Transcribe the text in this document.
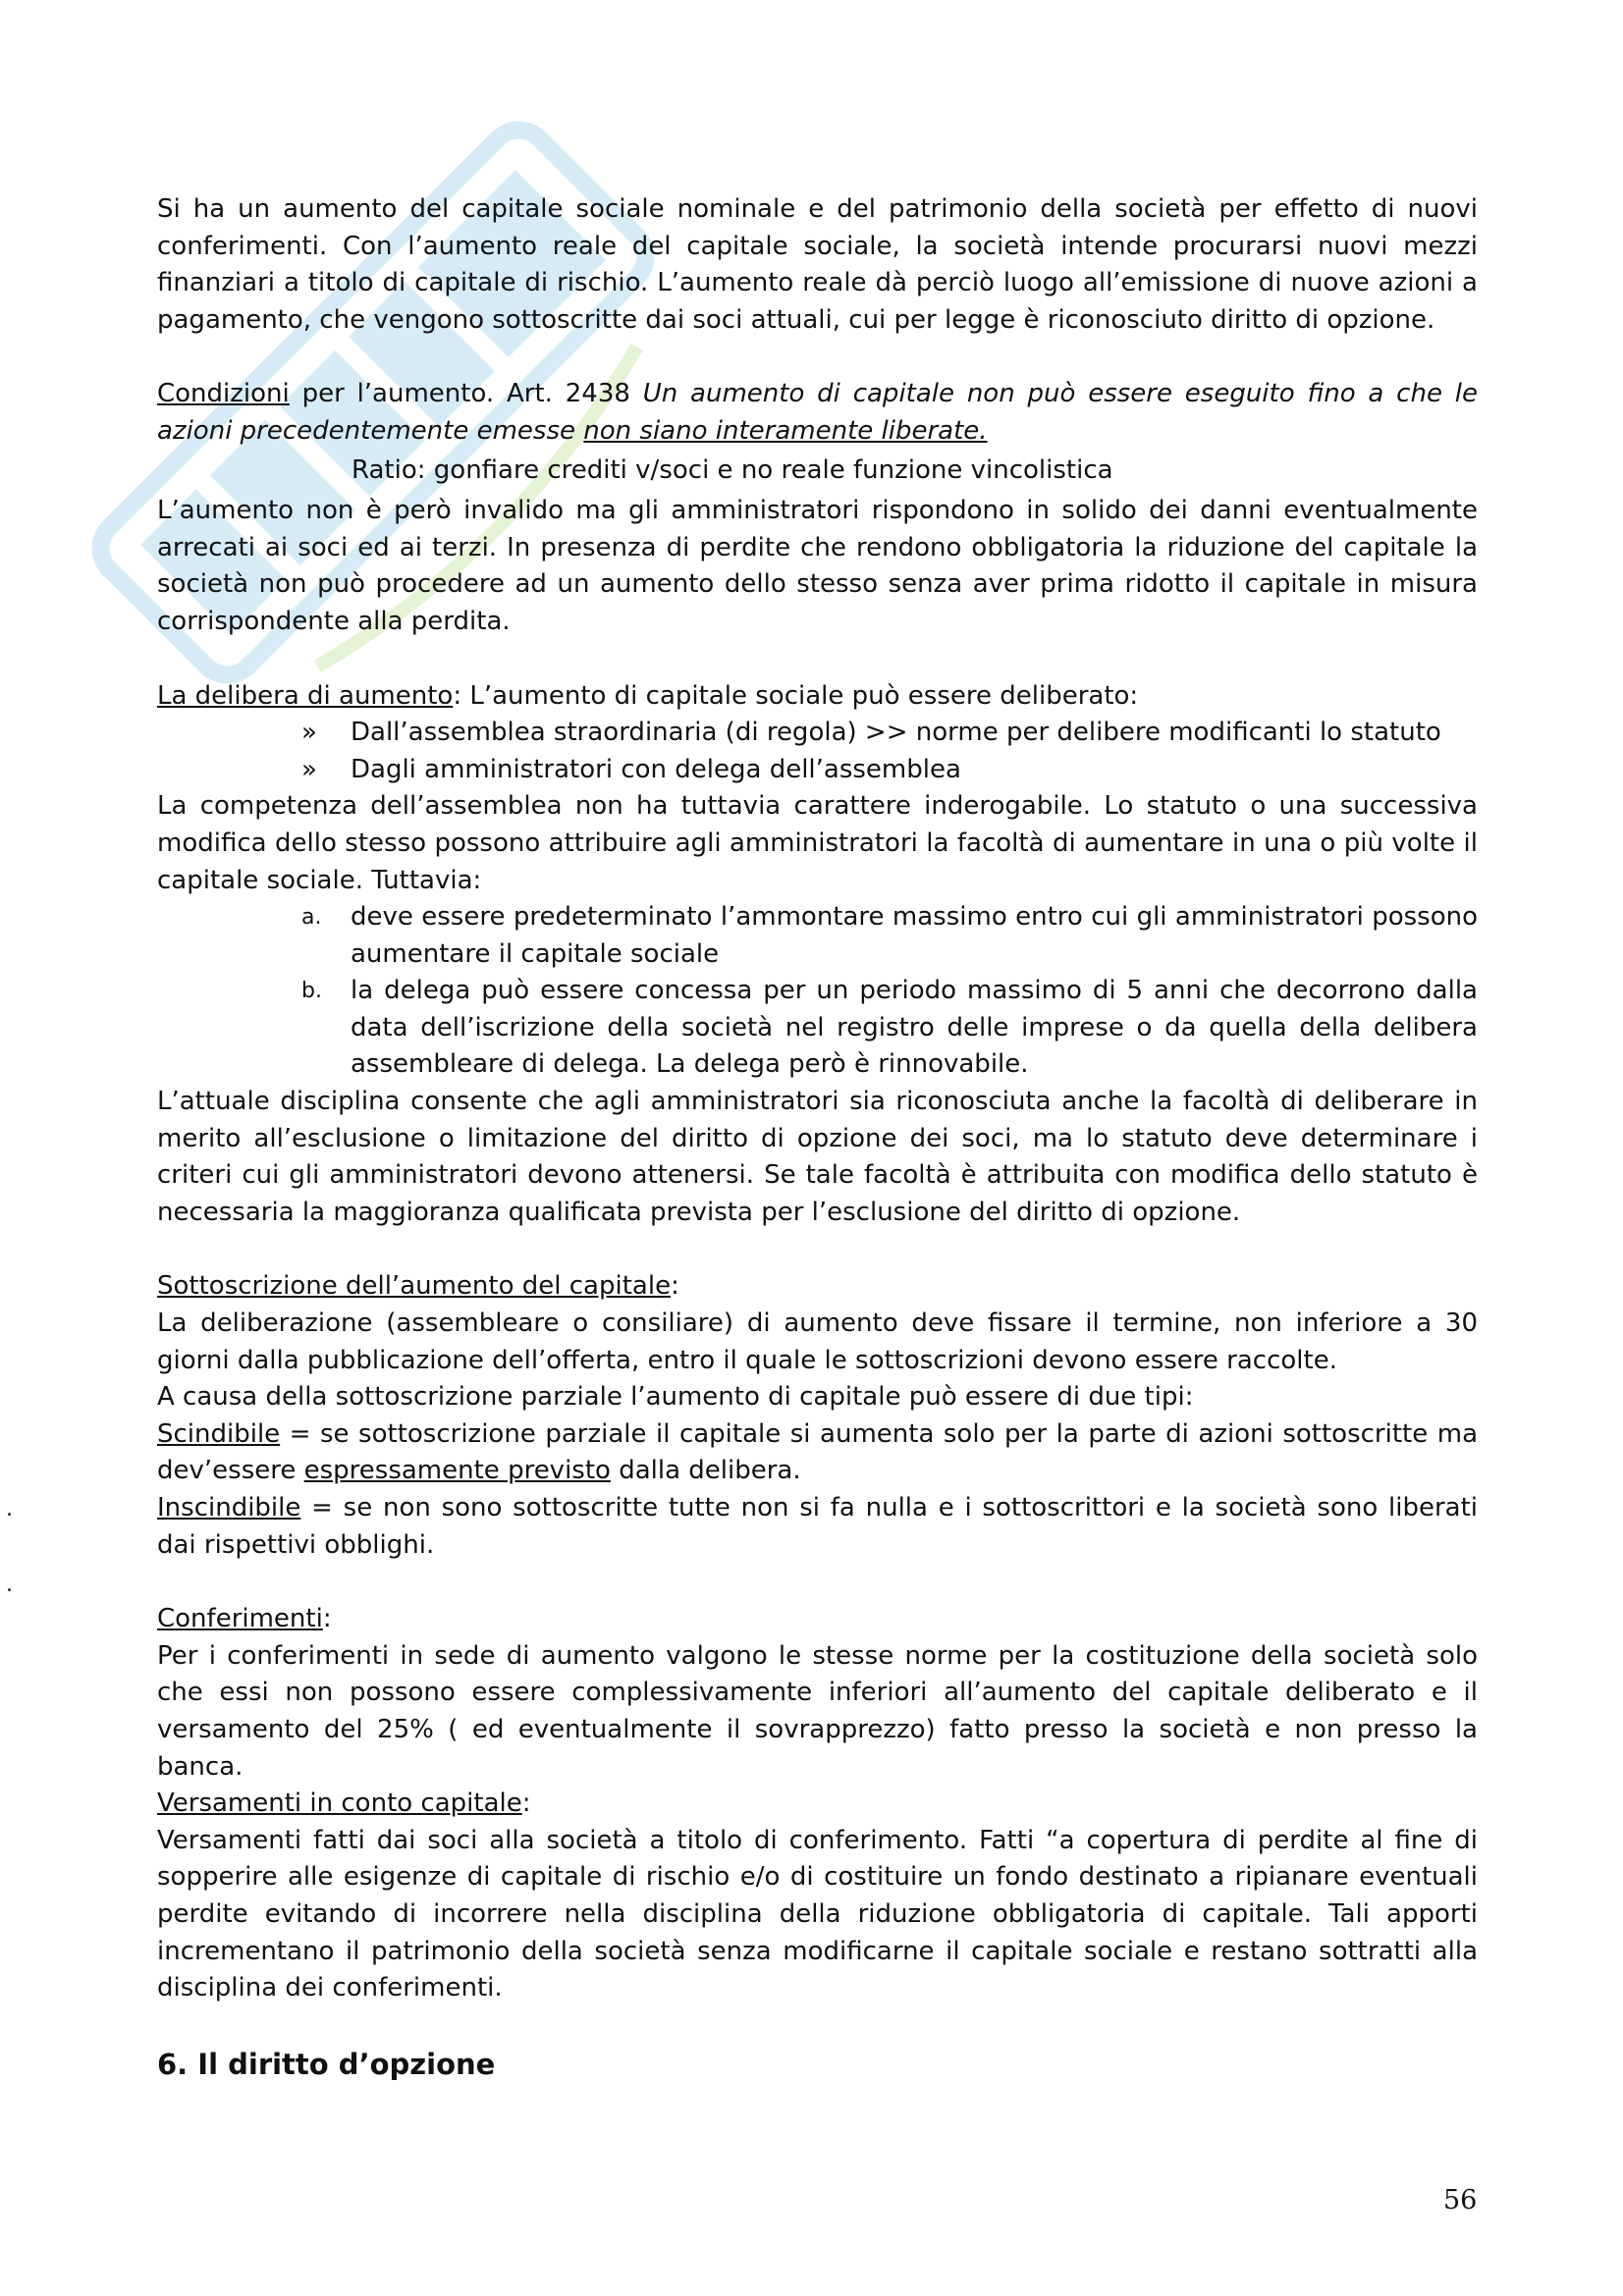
.
.

Si ha un aumento del capitale sociale nominale e del patrimonio della società per effetto di nuovi conferimenti. Con l’aumento reale del capitale sociale, la società intende procurarsi nuovi mezzi finanziari a titolo di capitale di rischio. L’aumento reale dà perciò luogo all’emissione di nuove azioni a pagamento, che vengono sottoscritte dai soci attuali, cui per legge è riconosciuto diritto di opzione.

Condizioni per l’aumento. Art. 2438 Un aumento di capitale non può essere eseguito fino a che le azioni precedentemente emesse non siano interamente liberate.

Ratio: gonfiare crediti v/soci e no reale funzione vincolistica

L’aumento non è però invalido ma gli amministratori rispondono in solido dei danni eventualmente arrecati ai soci ed ai terzi. In presenza di perdite che rendono obbligatoria la riduzione del capitale la società non può procedere ad un aumento dello stesso senza aver prima ridotto il capitale in misura corrispondente alla perdita.

La delibera di aumento: L’aumento di capitale sociale può essere deliberato:

»	Dall’assemblea straordinaria (di regola) >> norme per delibere modificanti lo statuto
»	Dagli amministratori con delega dell’assemblea

La competenza dell’assemblea non ha tuttavia carattere inderogabile. Lo statuto o una successiva modifica dello stesso possono attribuire agli amministratori la facoltà di aumentare in una o più volte il capitale sociale. Tuttavia:

a.	deve essere predeterminato l’ammontare massimo entro cui gli amministratori possono aumentare il capitale sociale
b.	la delega può essere concessa per un periodo massimo di 5 anni che decorrono dalla data dell’iscrizione della società nel registro delle imprese o da quella della delibera assembleare di delega. La delega però è rinnovabile.

L’attuale disciplina consente che agli amministratori sia riconosciuta anche la facoltà di deliberare in merito all’esclusione o limitazione del diritto di opzione dei soci, ma lo statuto deve determinare i criteri cui gli amministratori devono attenersi. Se tale facoltà è attribuita con modifica dello statuto è necessaria la maggioranza qualificata prevista per l’esclusione del diritto di opzione.

Sottoscrizione dell’aumento del capitale:

La deliberazione (assembleare o consiliare) di aumento deve fissare il termine, non inferiore a 30 giorni dalla pubblicazione dell’offerta, entro il quale le sottoscrizioni devono essere raccolte.

A causa della sottoscrizione parziale l’aumento di capitale può essere di due tipi:

Scindibile = se sottoscrizione parziale il capitale si aumenta solo per la parte di azioni sottoscritte ma dev’essere espressamente previsto dalla delibera.

Inscindibile = se non sono sottoscritte tutte non si fa nulla e i sottoscrittori e la società sono liberati dai rispettivi obblighi.

Conferimenti:

Per i conferimenti in sede di aumento valgono le stesse norme per la costituzione della società solo che essi non possono essere complessivamente inferiori all’aumento del capitale deliberato e il versamento del 25% ( ed eventualmente il sovrapprezzo) fatto presso la società e non presso la banca.

Versamenti in conto capitale:

Versamenti fatti dai soci alla società a titolo di conferimento. Fatti “a copertura di perdite al fine di sopperire alle esigenze di capitale di rischio e/o di costituire un fondo destinato a ripianare eventuali perdite evitando di incorrere nella disciplina della riduzione obbligatoria di capitale. Tali apporti incrementano il patrimonio della società senza modificarne il capitale sociale e restano sottratti alla disciplina dei conferimenti.

6. Il diritto d’opzione

56
